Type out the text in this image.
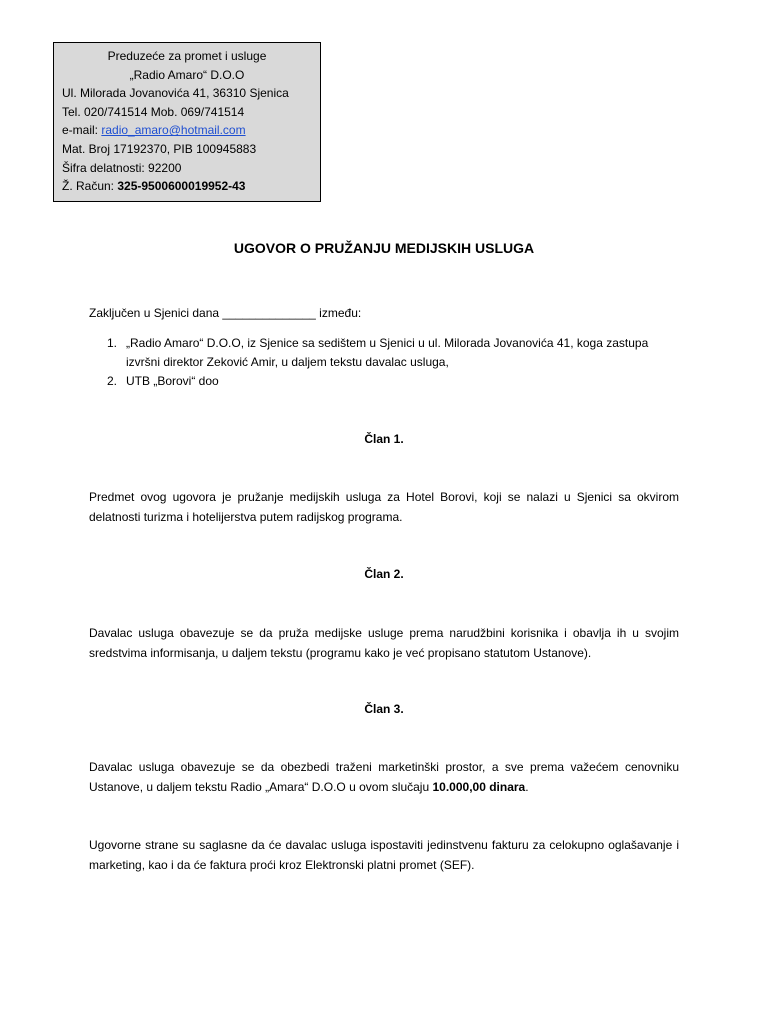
Preduzeće za promet i usluge
„Radio Amaro“ D.O.O
Ul. Milorada Jovanovića 41, 36310 Sjenica
Tel. 020/741514 Mob. 069/741514
e-mail: radio_amaro@hotmail.com
Mat. Broj 17192370, PIB 100945883
Šifra delatnosti: 92200
Ž. Račun: 325-9500600019952-43
UGOVOR O PRUŽANJU MEDIJSKIH USLUGA
Zaključen u Sjenici dana ______________ između:
1. „Radio Amaro“ D.O.O, iz Sjenice sa sedištem u Sjenici u ul. Milorada Jovanovića 41, koga zastupa izvršni direktor Zeković Amir, u daljem tekstu davalac usluga,
2. UTB „Borovi“ doo
Član 1.
Predmet ovog ugovora je pružanje medijskih usluga za Hotel Borovi, koji se nalazi u Sjenici sa okvirom delatnosti turizma i hotelijerstva putem radijskog programa.
Član 2.
Davalac usluga obavezuje se da pruža medijske usluge prema narudžbini korisnika i obavlja ih u svojim sredstvima informisanja, u daljem tekstu (programu kako je već propisano statutom Ustanove).
Član 3.
Davalac usluga obavezuje se da obezbedi traženi marketinški prostor, a sve prema važećem cenovniku Ustanove, u daljem tekstu Radio „Amara“ D.O.O u ovom slučaju 10.000,00 dinara.
Ugovorne strane su saglasne da će davalac usluga ispostaviti jedinstvenu fakturu za celokupno oglašavanje i marketing, kao i da će faktura proći kroz Elektronski platni promet (SEF).
